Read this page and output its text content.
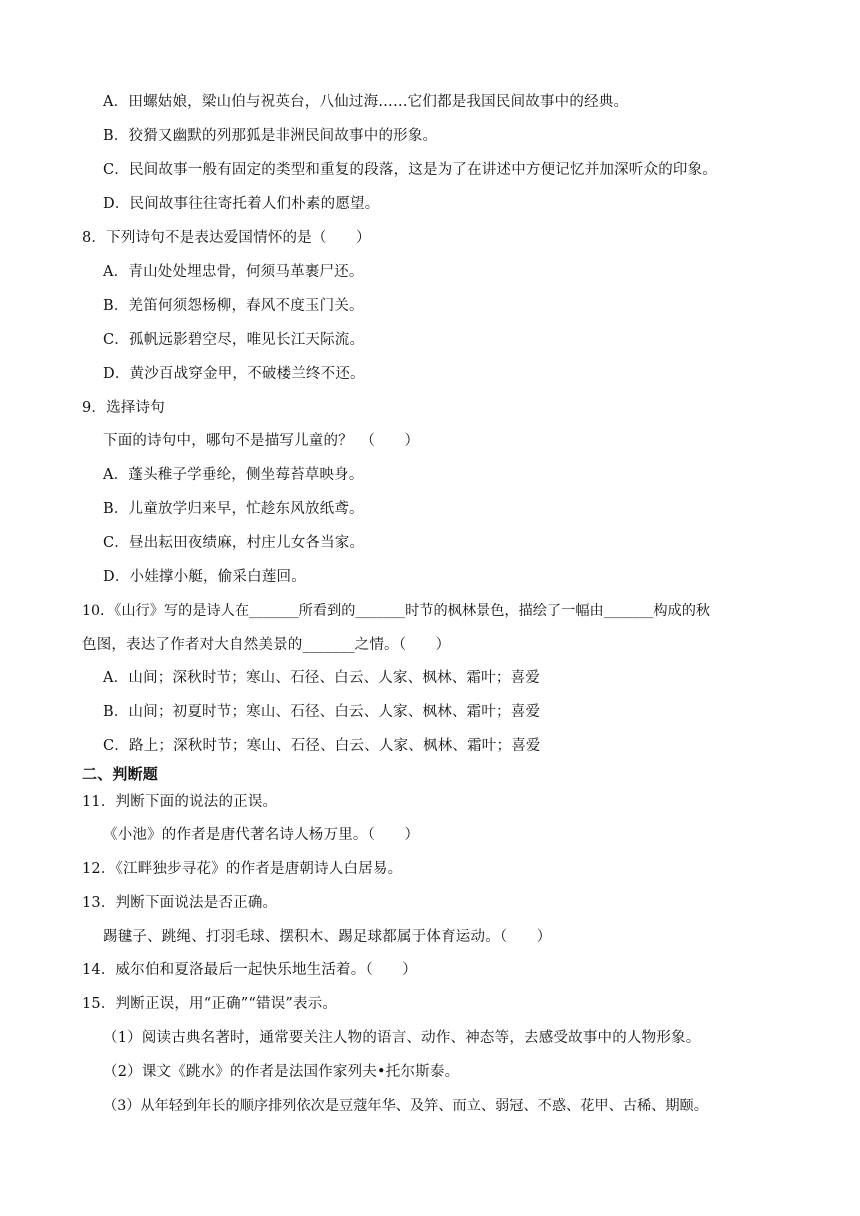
A．田螺姑娘，梁山伯与祝英台，八仙过海……它们都是我国民间故事中的经典。
B．狡猾又幽默的列那狐是非洲民间故事中的形象。
C．民间故事一般有固定的类型和重复的段落，这是为了在讲述中方便记忆并加深听众的印象。
D．民间故事往往寄托着人们朴素的愿望。
8．下列诗句不是表达爱国情怀的是（　　）
A．青山处处埋忠骨，何须马革裹尸还。
B．羌笛何须怨杨柳，春风不度玉门关。
C．孤帆远影碧空尽，唯见长江天际流。
D．黄沙百战穿金甲，不破楼兰终不还。
9．选择诗句
下面的诗句中，哪句不是描写儿童的？　（　　）
A．蓬头稚子学垂纶，侧坐莓苔草映身。
B．儿童放学归来早，忙趁东风放纸鸢。
C．昼出耘田夜绩麻，村庄儿女各当家。
D．小娃撑小艇，偷采白莲回。
10．《山行》写的是诗人在_______所看到的_______时节的枫林景色，描绘了一幅由_______构成的秋
色图，表达了作者对大自然美景的_______之情。（　　）
A．山间；深秋时节；寒山、石径、白云、人家、枫林、霜叶；喜爱
B．山间；初夏时节；寒山、石径、白云、人家、枫林、霜叶；喜爱
C．路上；深秋时节；寒山、石径、白云、人家、枫林、霜叶；喜爱
二、判断题
11．判断下面的说法的正误。
《小池》的作者是唐代著名诗人杨万里。（　　）
12．《江畔独步寻花》的作者是唐朝诗人白居易。
13．判断下面说法是否正确。
踢毽子、跳绳、打羽毛球、摆积木、踢足球都属于体育运动。（　　）
14．威尔伯和夏洛最后一起快乐地生活着。（　　）
15．判断正误，用“正确”“错误”表示。
（1）阅读古典名著时，通常要关注人物的语言、动作、神态等，去感受故事中的人物形象。
（2）课文《跳水》的作者是法国作家列夫•托尔斯泰。
（3）从年轻到年长的顺序排列依次是豆蔻年华、及笄、而立、弱冠、不惑、花甲、古稀、期颐。
